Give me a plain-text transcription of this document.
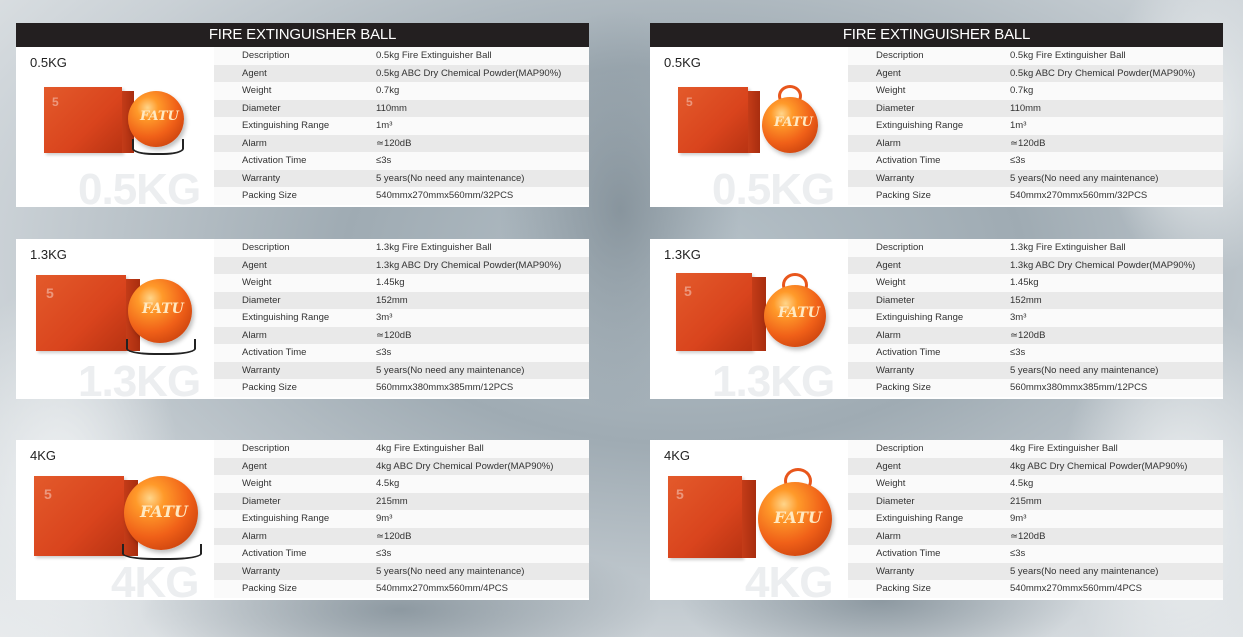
FIRE EXTINGUISHER BALL
0.5KG
0.5KG
5
FATU
Description	0.5kg Fire Extinguisher Ball
Agent	0.5kg ABC Dry Chemical Powder(MAP90%)
Weight	0.7kg
Diameter	110mm
Extinguishing Range	1m³
Alarm	≃120dB
Activation Time	≤3s
Warranty	5 years(No need any maintenance)
Packing Size	540mmx270mmx560mm/32PCS
1.3KG
1.3KG
5
FATU
Description	1.3kg Fire Extinguisher Ball
Agent	1.3kg ABC Dry Chemical Powder(MAP90%)
Weight	1.45kg
Diameter	152mm
Extinguishing Range	3m³
Alarm	≃120dB
Activation Time	≤3s
Warranty	5 years(No need any maintenance)
Packing Size	560mmx380mmx385mm/12PCS
4KG
4KG
5
FATU
Description	4kg Fire Extinguisher Ball
Agent	4kg ABC Dry Chemical Powder(MAP90%)
Weight	4.5kg
Diameter	215mm
Extinguishing Range	9m³
Alarm	≃120dB
Activation Time	≤3s
Warranty	5 years(No need any maintenance)
Packing Size	540mmx270mmx560mm/4PCS
FIRE EXTINGUISHER BALL
0.5KG
0.5KG
5
FATU
Description	0.5kg Fire Extinguisher Ball
Agent	0.5kg ABC Dry Chemical Powder(MAP90%)
Weight	0.7kg
Diameter	110mm
Extinguishing Range	1m³
Alarm	≃120dB
Activation Time	≤3s
Warranty	5 years(No need any maintenance)
Packing Size	540mmx270mmx560mm/32PCS
1.3KG
1.3KG
5
FATU
Description	1.3kg Fire Extinguisher Ball
Agent	1.3kg ABC Dry Chemical Powder(MAP90%)
Weight	1.45kg
Diameter	152mm
Extinguishing Range	3m³
Alarm	≃120dB
Activation Time	≤3s
Warranty	5 years(No need any maintenance)
Packing Size	560mmx380mmx385mm/12PCS
4KG
4KG
5
FATU
Description	4kg Fire Extinguisher Ball
Agent	4kg ABC Dry Chemical Powder(MAP90%)
Weight	4.5kg
Diameter	215mm
Extinguishing Range	9m³
Alarm	≃120dB
Activation Time	≤3s
Warranty	5 years(No need any maintenance)
Packing Size	540mmx270mmx560mm/4PCS
